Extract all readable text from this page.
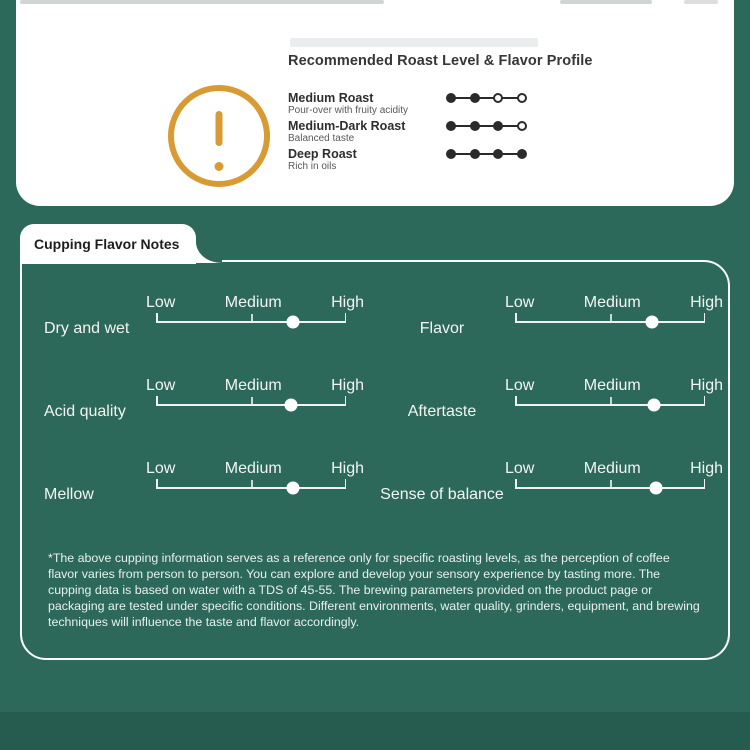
Recommended Roast Level & Flavor Profile
Medium Roast
Pour-over with fruity acidity
Medium-Dark Roast
Balanced taste
Deep Roast
Rich in oils
Cupping Flavor Notes
Dry and wet
Low	Medium	High
Flavor
Low	Medium	High
Acid quality
Low	Medium	High
Aftertaste
Low	Medium	High
Mellow
Low	Medium	High
Sense of balance
Low	Medium	High

*The above cupping information serves as a reference only for specific roasting levels, as the perception of coffee flavor varies from person to person. You can explore and develop your sensory experience by tasting more. The cupping data is based on water with a TDS of 45-55. The brewing parameters provided on the product page or packaging are tested under specific conditions. Different environments, water quality, grinders, equipment, and brewing techniques will influence the taste and flavor accordingly.
